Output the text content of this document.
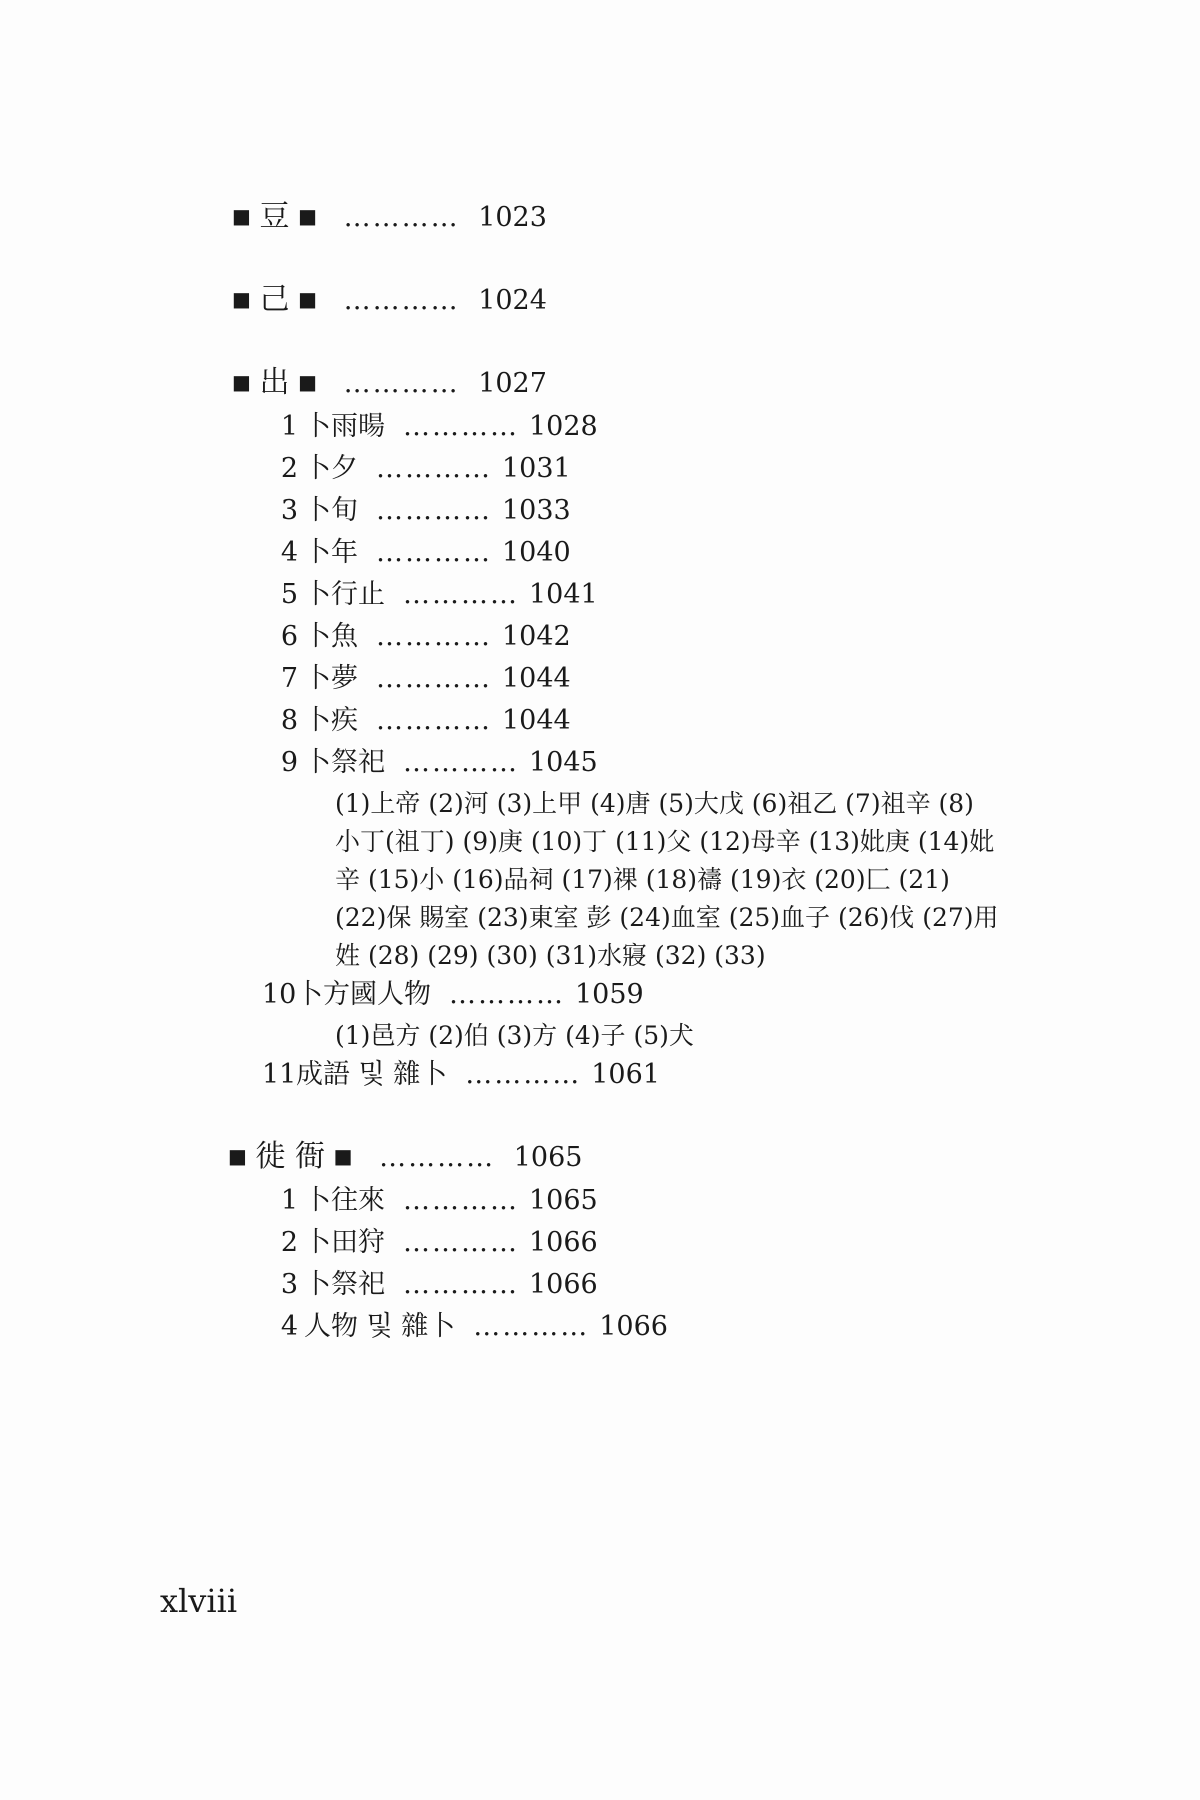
■ 豆 ■ ………… 1023
■ 己 ■ ………… 1024
■ 出 ■ ………… 1027
1 卜雨暘 ………… 1028
2 卜夕 ………… 1031
3 卜旬 ………… 1033
4 卜年 ………… 1040
5 卜行止 ………… 1041
6 卜魚 ………… 1042
7 卜夢 ………… 1044
8 卜疾 ………… 1044
9 卜祭祀 ………… 1045
(1)上帝 (2)河 (3)上甲 (4)唐 (5)大戊 (6)祖乙 (7)祖辛 (8)
小丁(祖丁) (9)庚 (10)丁 (11)父 (12)母辛 (13)妣庚 (14)妣
辛 (15)小 (16)品祠 (17)祼 (18)禱 (19)衣 (20)匚 (21)
(22)保 賜室 (23)東室 彭 (24)血室 (25)血子 (26)伐 (27)用
姓 (28) (29) (30) (31)水寢 (32) (33)
10卜方國人物 ………… 1059
(1)邑方 (2)伯 (3)方 (4)子 (5)犬
11成語 및 雜卜 ………… 1061
■ 徙 衙 ■ ………… 1065
1 卜往來 ………… 1065
2 卜田狩 ………… 1066
3 卜祭祀 ………… 1066
4 人物 및 雜卜 ………… 1066
xlviii
